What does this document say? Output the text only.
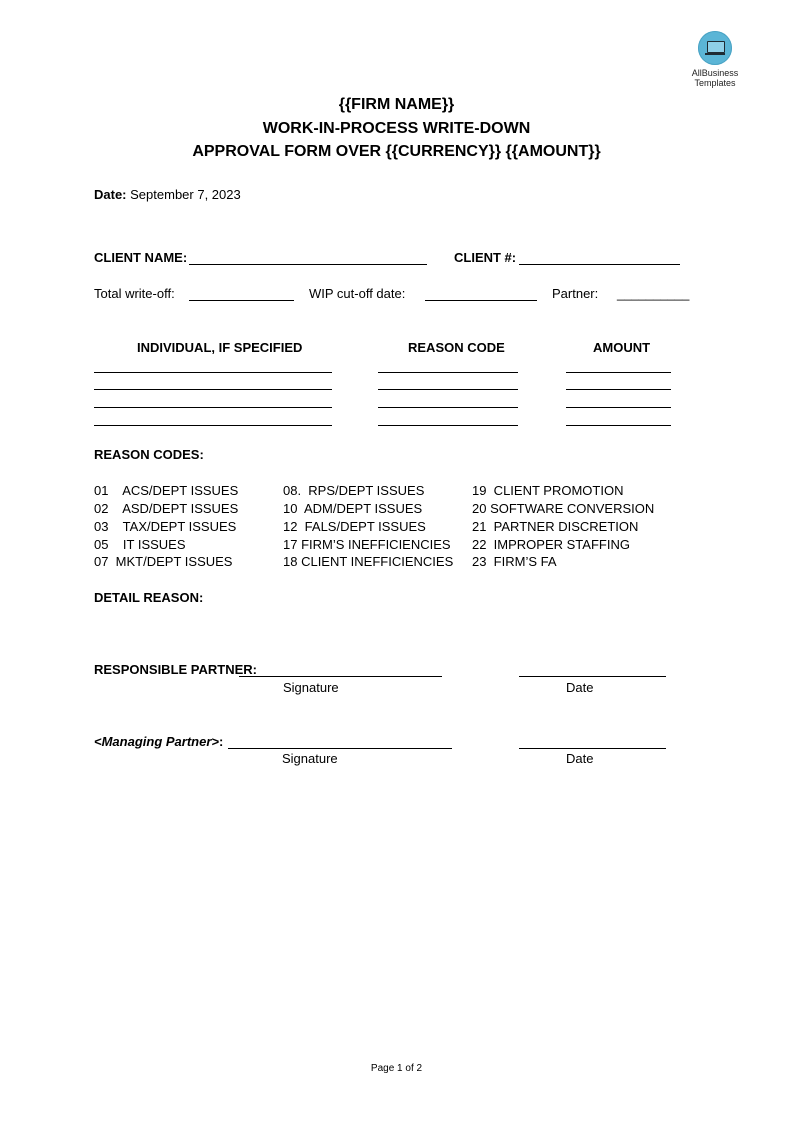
AllBusiness
Templates
{{FIRM NAME}}
WORK-IN-PROCESS WRITE-DOWN
APPROVAL FORM OVER {{CURRENCY}} {{AMOUNT}}
Date: September 7, 2023
CLIENT NAME:	CLIENT #:
Total write-off:	WIP cut-off date:	Partner: __________
INDIVIDUAL, IF SPECIFIED	REASON CODE	AMOUNT
REASON CODES:
01    ACS/DEPT ISSUES
02    ASD/DEPT ISSUES
03    TAX/DEPT ISSUES
05    IT ISSUES
07  MKT/DEPT ISSUES
08.  RPS/DEPT ISSUES
10  ADM/DEPT ISSUES
12  FALS/DEPT ISSUES
17 FIRM’S INEFFICIENCIES
18 CLIENT INEFFICIENCIES
19  CLIENT PROMOTION
20 SOFTWARE CONVERSION
21  PARTNER DISCRETION
22  IMPROPER STAFFING
23  FIRM’S FA
DETAIL REASON:
RESPONSIBLE PARTNER:
Signature	Date
<Managing Partner>:
Signature	Date
Page 1 of 2
